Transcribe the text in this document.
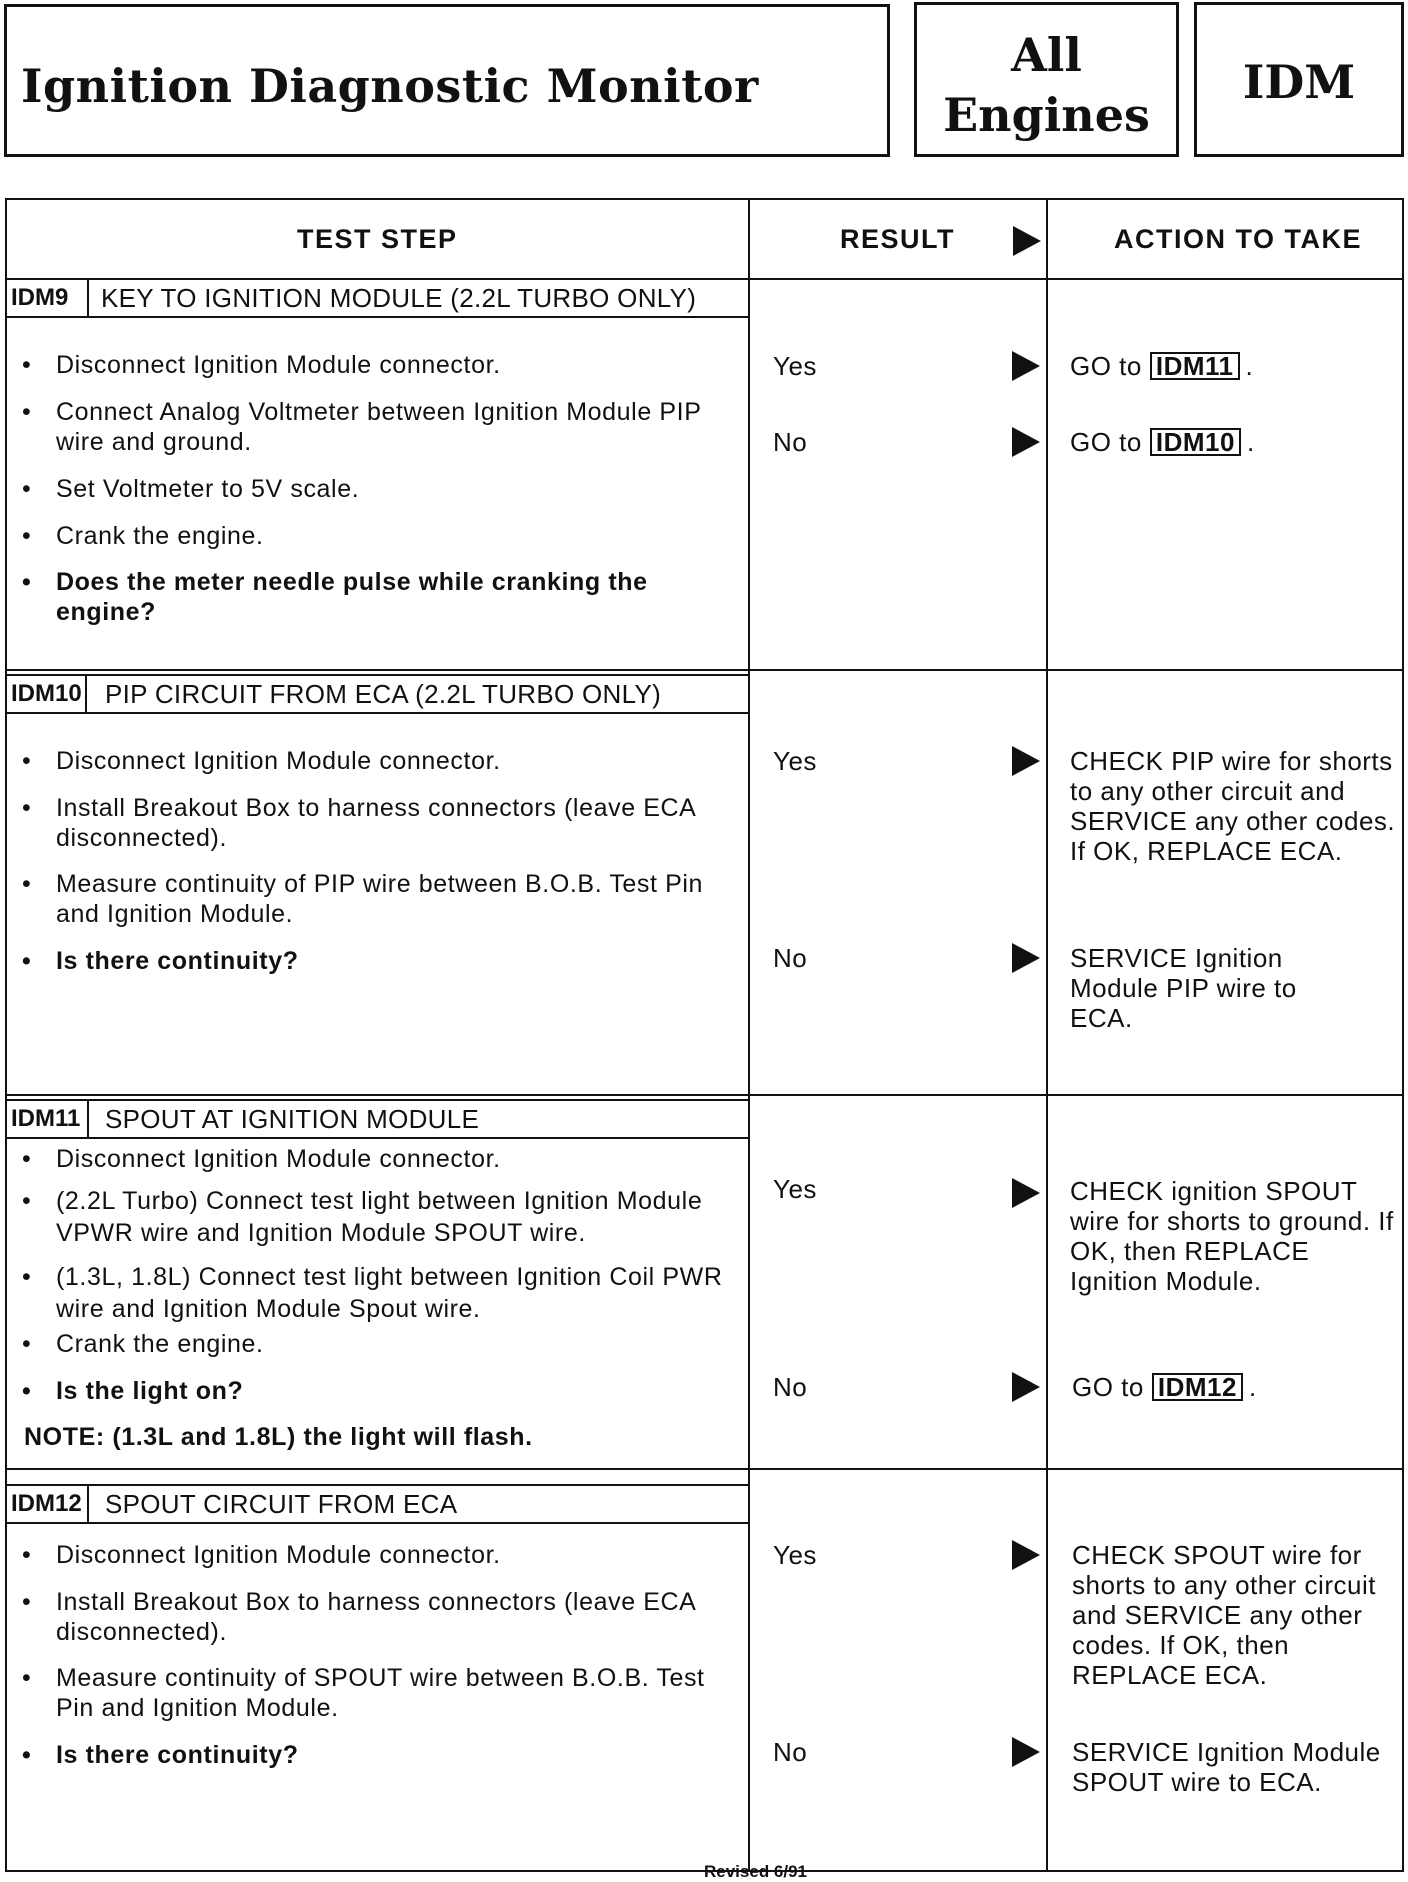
Ignition Diagnostic Monitor
All
Engines
IDM
TEST STEP	RESULT	ACTION TO TAKE
IDM9	KEY TO IGNITION MODULE (2.2L TURBO ONLY)
• Disconnect Ignition Module connector.
• Connect Analog Voltmeter between Ignition Module PIP wire and ground.
• Set Voltmeter to 5V scale.
• Crank the engine.
• Does the meter needle pulse while cranking the engine?
Yes	GO to IDM11 .
No	GO to IDM10 .
IDM10 PIP CIRCUIT FROM ECA (2.2L TURBO ONLY)
• Disconnect Ignition Module connector.
• Install Breakout Box to harness connectors (leave ECA disconnected).
• Measure continuity of PIP wire between B.O.B. Test Pin and Ignition Module.
• Is there continuity?
Yes	CHECK PIP wire for shorts to any other circuit and SERVICE any other codes. If OK, REPLACE ECA.
No	SERVICE Ignition Module PIP wire to ECA.
IDM11 SPOUT AT IGNITION MODULE
• Disconnect Ignition Module connector.
• (2.2L Turbo) Connect test light between Ignition Module VPWR wire and Ignition Module SPOUT wire.
• (1.3L, 1.8L) Connect test light between Ignition Coil PWR wire and Ignition Module Spout wire.
• Crank the engine.
• Is the light on?
NOTE: (1.3L and 1.8L) the light will flash.
Yes	CHECK ignition SPOUT wire for shorts to ground. If OK, then REPLACE Ignition Module.
No	GO to IDM12 .
IDM12 SPOUT CIRCUIT FROM ECA
• Disconnect Ignition Module connector.
• Install Breakout Box to harness connectors (leave ECA disconnected).
• Measure continuity of SPOUT wire between B.O.B. Test Pin and Ignition Module.
• Is there continuity?
Yes	CHECK SPOUT wire for shorts to any other circuit and SERVICE any other codes. If OK, then REPLACE ECA.
No	SERVICE Ignition Module SPOUT wire to ECA.
Revised 6/91
